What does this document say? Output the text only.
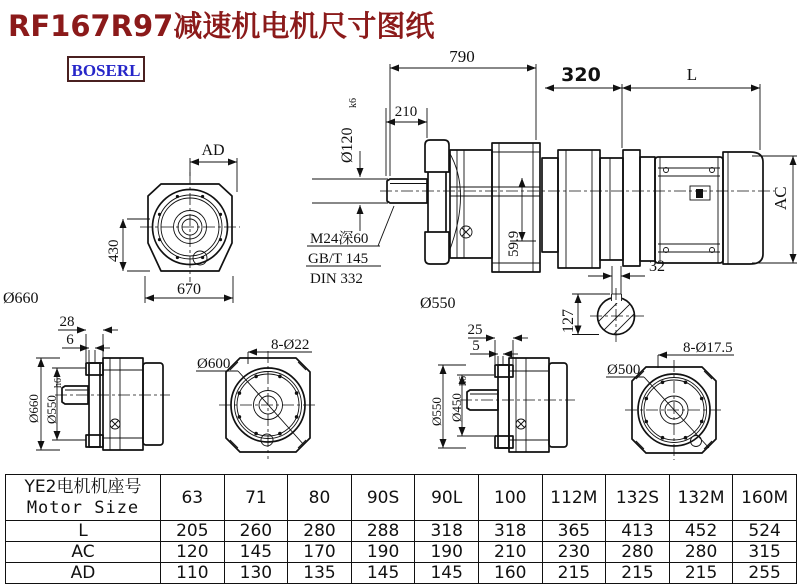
RF167R97减速机电机尺寸图纸
BOSERL
AD
430
670
790
210
320	L
Ø120
k6
M24深60
GB/T 145
DIN 332
59.9
AC
32
127
Ø660
28
6
Ø660 Ø550
h6
Ø600
8-Ø22
Ø550
25
5
Ø550 Ø450
h6
Ø500
8-Ø17.5
YE2电机机座号
Motor Size	63	71	80	90S	90L	100	112M	132S	132M	160M
L	205	260	280	288	318	318	365	413	452	524
AC	120	145	170	190	190	210	230	280	280	315
AD	110	130	135	145	145	160	215	215	215	255
